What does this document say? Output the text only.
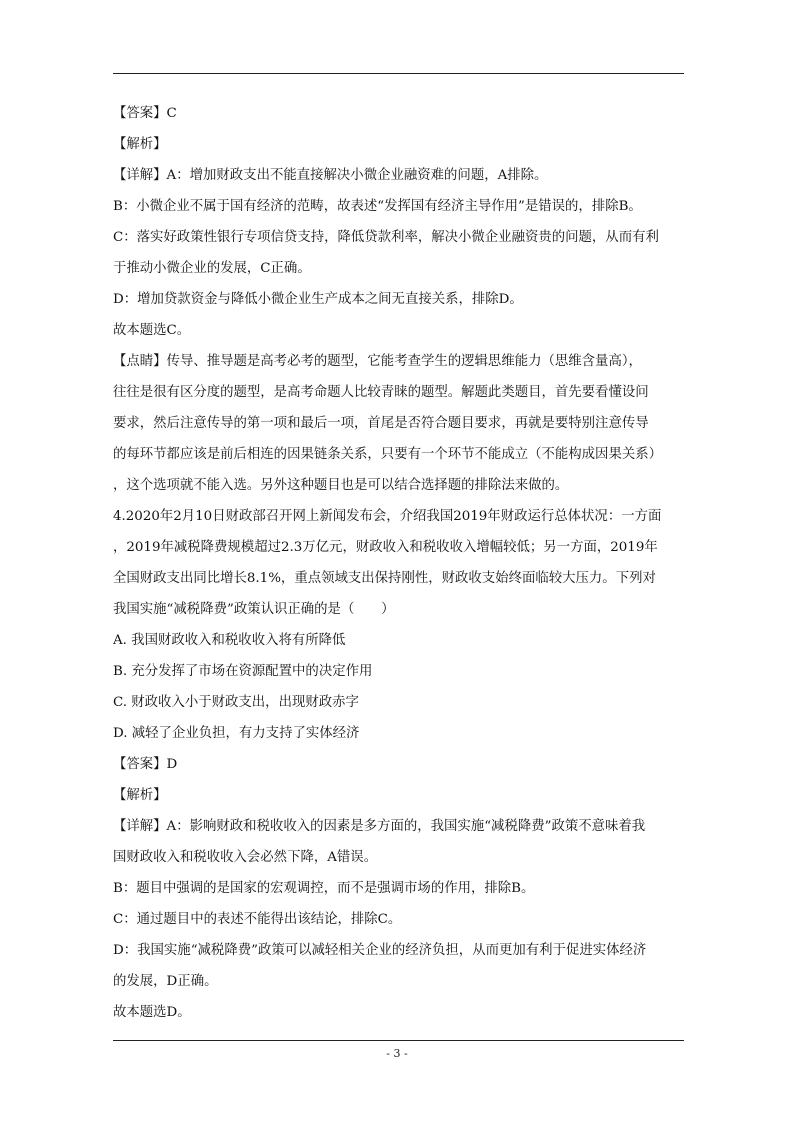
【答案】C
【解析】
【详解】A：增加财政支出不能直接解决小微企业融资难的问题，A排除。
B：小微企业不属于国有经济的范畴，故表述“发挥国有经济主导作用”是错误的，排除B。
C：落实好政策性银行专项信贷支持，降低贷款利率，解决小微企业融资贵的问题，从而有利
于推动小微企业的发展，C正确。
D：增加贷款资金与降低小微企业生产成本之间无直接关系，排除D。
故本题选C。
【点睛】传导、推导题是高考必考的题型，它能考查学生的逻辑思维能力（思维含量高），
往往是很有区分度的题型，是高考命题人比较青睐的题型。解题此类题目，首先要看懂设问
要求，然后注意传导的第一项和最后一项，首尾是否符合题目要求，再就是要特别注意传导
的每环节都应该是前后相连的因果链条关系，只要有一个环节不能成立（不能构成因果关系）
，这个选项就不能入选。另外这种题目也是可以结合选择题的排除法来做的。
4.2020年2月10日财政部召开网上新闻发布会，介绍我国2019年财政运行总体状况：一方面
，2019年减税降费规模超过2.3万亿元，财政收入和税收收入增幅较低；另一方面，2019年
全国财政支出同比增长8.1%，重点领域支出保持刚性，财政收支始终面临较大压力。下列对
我国实施“减税降费”政策认识正确的是（　　）
A. 我国财政收入和税收收入将有所降低
B. 充分发挥了市场在资源配置中的决定作用
C. 财政收入小于财政支出，出现财政赤字
D. 减轻了企业负担，有力支持了实体经济
【答案】D
【解析】
【详解】A：影响财政和税收收入的因素是多方面的，我国实施“减税降费”政策不意味着我
国财政收入和税收收入会必然下降，A错误。
B：题目中强调的是国家的宏观调控，而不是强调市场的作用，排除B。
C：通过题目中的表述不能得出该结论，排除C。
D：我国实施“减税降费”政策可以减轻相关企业的经济负担，从而更加有利于促进实体经济
的发展，D正确。
故本题选D。
- 3 -
